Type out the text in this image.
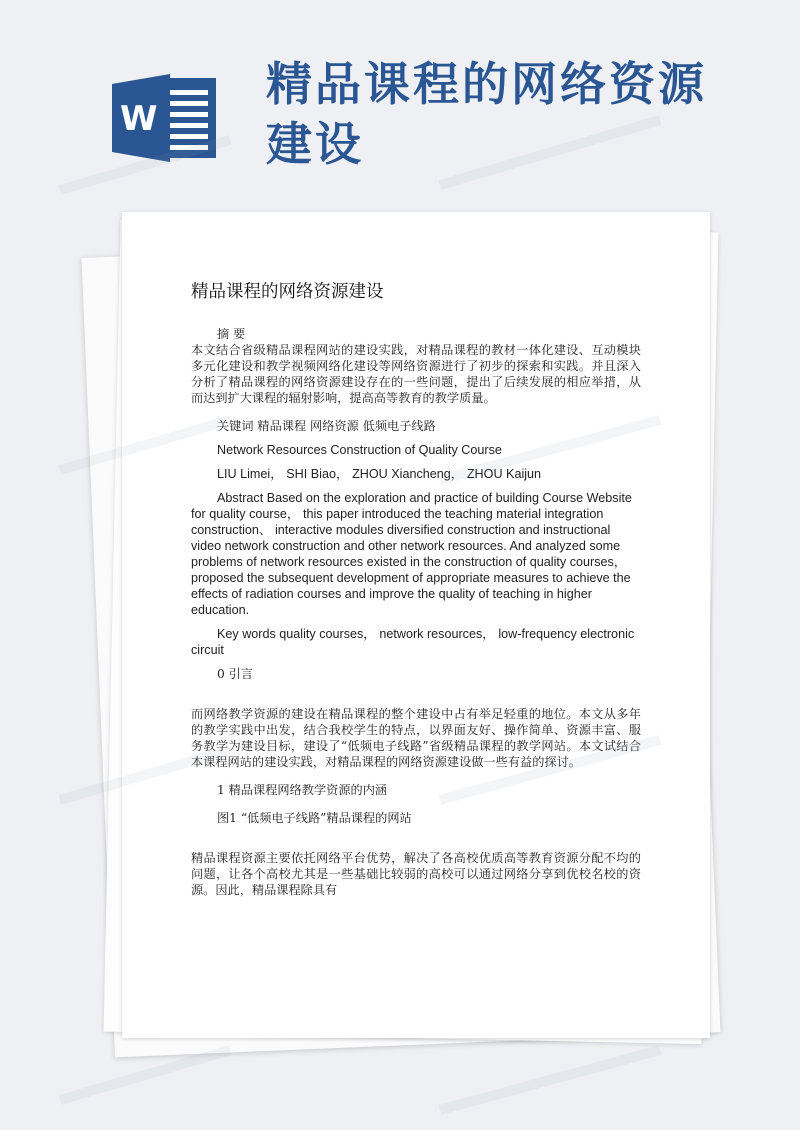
W
精品课程的网络资源建设
精品课程的网络资源建设

摘 要

本文结合省级精品课程网站的建设实践，对精品课程的教材一体化建设、互动模块多元化建设和教学视频网络化建设等网络资源进行了初步的探索和实践。并且深入分析了精品课程的网络资源建设存在的一些问题，提出了后续发展的相应举措，从而达到扩大课程的辐射影响，提高高等教育的教学质量。

关键词 精品课程 网络资源 低频电子线路

Network Resources Construction of Quality Course

LIU Limei， SHI Biao， ZHOU Xiancheng， ZHOU Kaijun

Abstract Based on the exploration and practice of building Course Website for quality course， this paper introduced the teaching material integration construction、 interactive modules diversified construction and instructional video network construction and other network resources. And analyzed some problems of network resources existed in the construction of quality courses， proposed the subsequent development of appropriate measures to achieve the effects of radiation courses and improve the quality of teaching in higher education.

Key words quality courses， network resources， low-frequency electronic circuit

0 引言

而网络教学资源的建设在精品课程的整个建设中占有举足轻重的地位。本文从多年的教学实践中出发，结合我校学生的特点，以界面友好、操作简单、资源丰富、服务教学为建设目标，建设了“低频电子线路”省级精品课程的教学网站。本文试结合本课程网站的建设实践，对精品课程的网络资源建设做一些有益的探讨。

1 精品课程网络教学资源的内涵

图1 “低频电子线路”精品课程的网站

精品课程资源主要依托网络平台优势，解决了各高校优质高等教育资源分配不均的问题，让各个高校尤其是一些基础比较弱的高校可以通过网络分享到优校名校的资源。因此，精品课程除具有
